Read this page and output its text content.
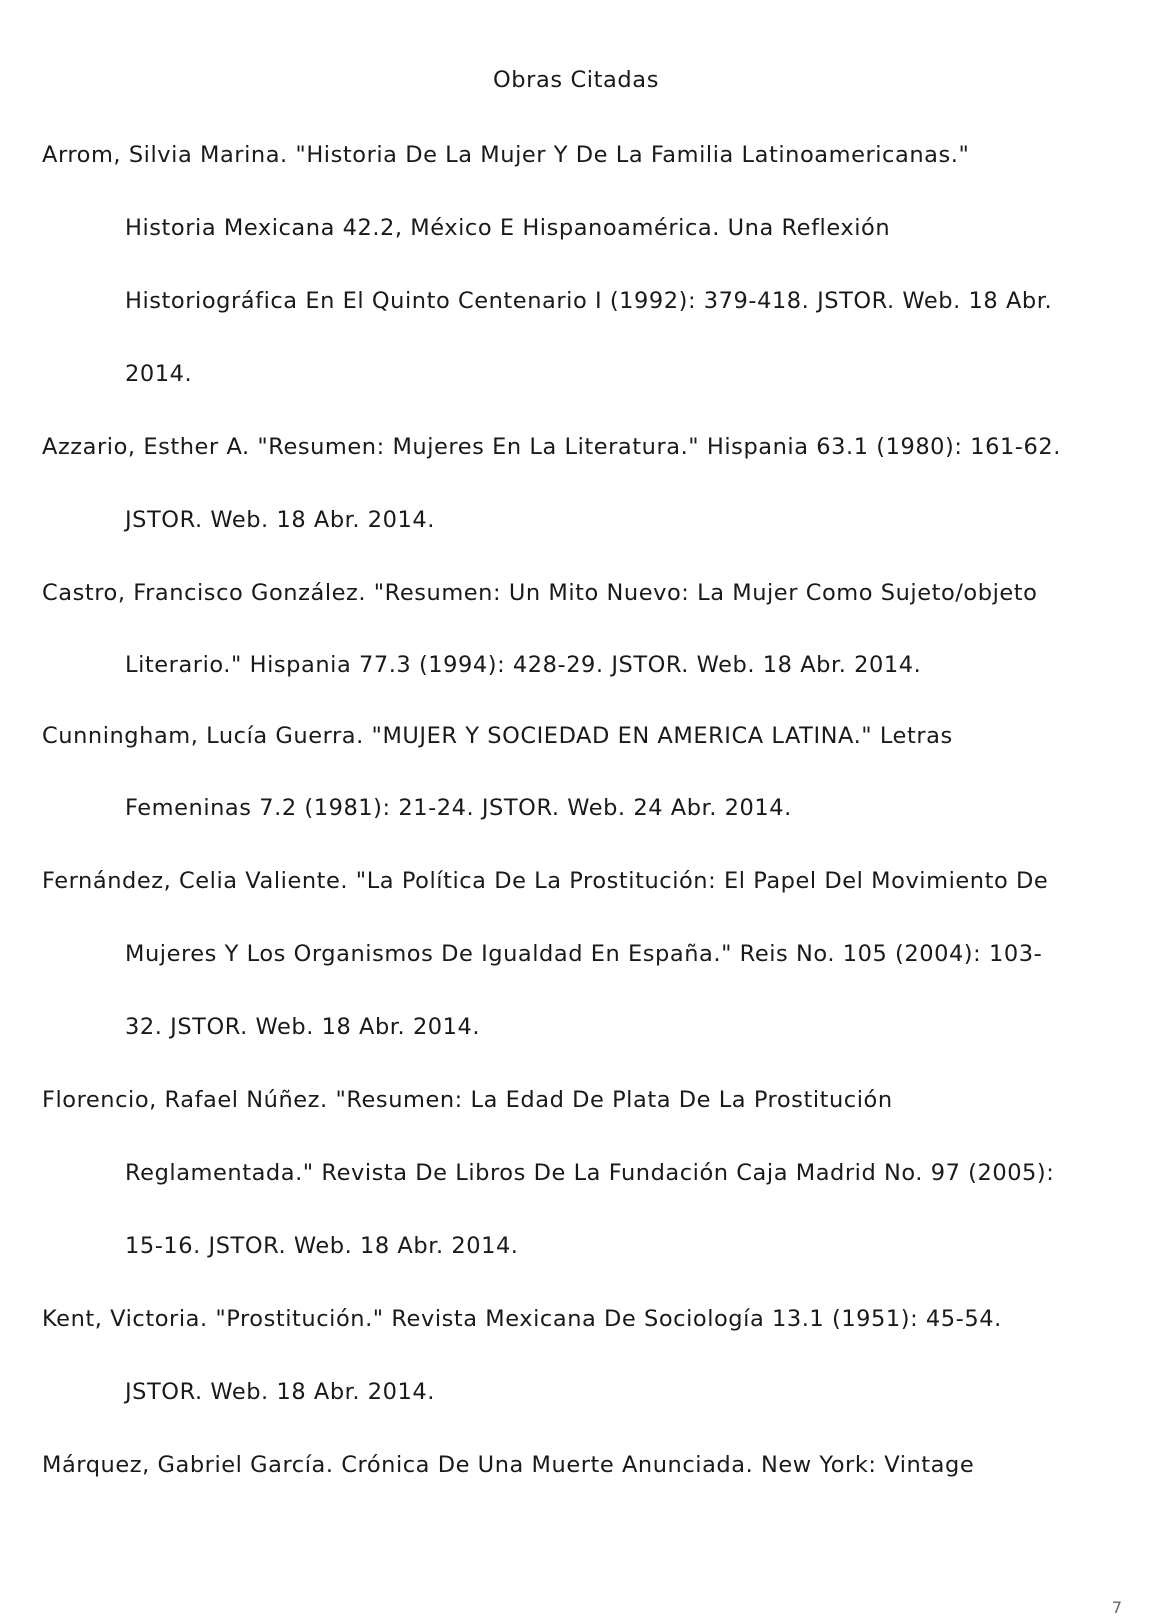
Obras Citadas

Arrom, Silvia Marina. "Historia De La Mujer Y De La Familia Latinoamericanas."

Historia Mexicana 42.2, México E Hispanoamérica. Una Reflexión

Historiográfica En El Quinto Centenario I (1992): 379-418. JSTOR. Web. 18 Abr.

2014.

Azzario, Esther A. "Resumen: Mujeres En La Literatura." Hispania 63.1 (1980): 161-62.

JSTOR. Web. 18 Abr. 2014.

Castro, Francisco González. "Resumen: Un Mito Nuevo: La Mujer Como Sujeto/objeto

Literario." Hispania 77.3 (1994): 428-29. JSTOR. Web. 18 Abr. 2014.

Cunningham, Lucía Guerra. "MUJER Y SOCIEDAD EN AMERICA LATINA." Letras

Femeninas 7.2 (1981): 21-24. JSTOR. Web. 24 Abr. 2014.

Fernández, Celia Valiente. "La Política De La Prostitución: El Papel Del Movimiento De

Mujeres Y Los Organismos De Igualdad En España." Reis No. 105 (2004): 103-

32. JSTOR. Web. 18 Abr. 2014.

Florencio, Rafael Núñez. "Resumen: La Edad De Plata De La Prostitución

Reglamentada." Revista De Libros De La Fundación Caja Madrid No. 97 (2005):

15-16. JSTOR. Web. 18 Abr. 2014.

Kent, Victoria. "Prostitución." Revista Mexicana De Sociología 13.1 (1951): 45-54.

JSTOR. Web. 18 Abr. 2014.

Márquez, Gabriel García. Crónica De Una Muerte Anunciada. New York: Vintage

7
